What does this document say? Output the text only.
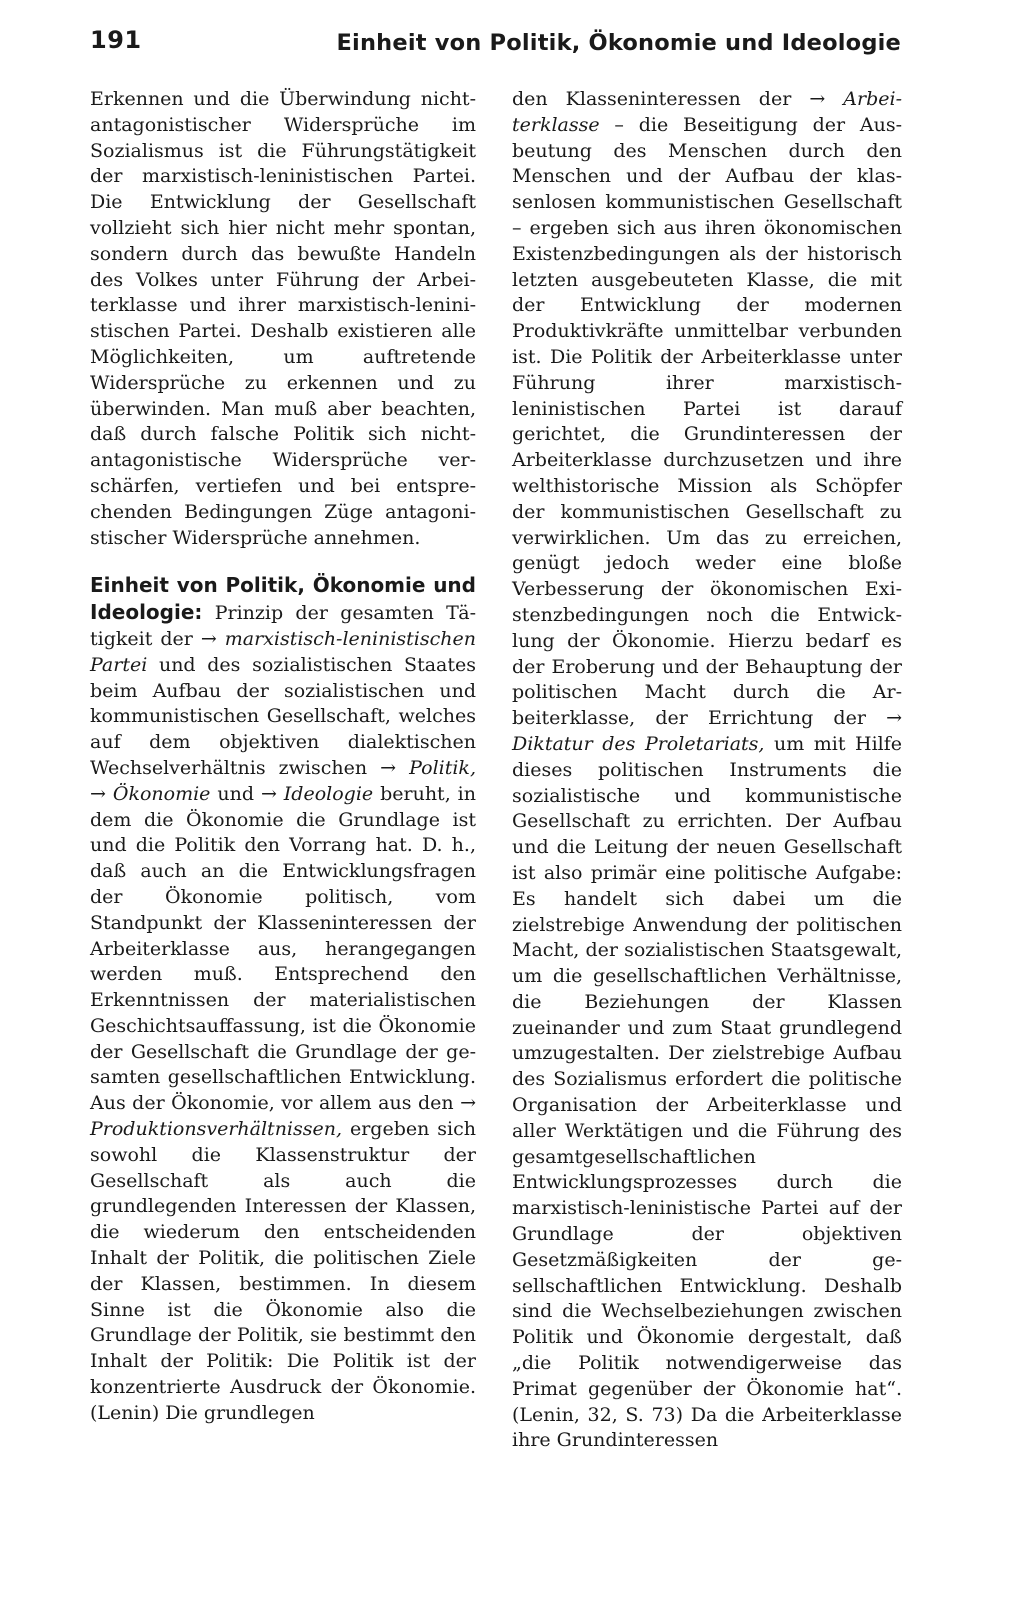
191	Einheit von Politik, Ökonomie und Ideologie

Erkennen und die Überwindung nichtantagonistischer Widersprüche im Sozialismus ist die Führungstätigkeit der marxistisch-leninistischen Partei. Die Entwicklung der Gesellschaft vollzieht sich hier nicht mehr spontan, sondern durch das bewußte Handeln des Volkes unter Führung der Arbeiterklasse und ihrer marxistisch-leninistischen Partei. Deshalb existieren alle Möglichkeiten, um auftretende Widersprüche zu erkennen und zu überwinden. Man muß aber beachten, daß durch falsche Politik sich nichtantagonistische Widersprüche verschärfen, vertiefen und bei entsprechenden Bedingungen Züge antagonistischer Widersprüche annehmen.

Einheit von Politik, Ökonomie und Ideologie: Prinzip der gesamten Tätigkeit der → marxistisch-leninistischen Partei und des sozialistischen Staates beim Aufbau der sozialistischen und kommunistischen Gesellschaft, welches auf dem objektiven dialektischen Wechselverhältnis zwischen → Politik, → Ökonomie und → Ideologie beruht, in dem die Ökonomie die Grundlage ist und die Politik den Vorrang hat. D. h., daß auch an die Entwicklungsfragen der Ökonomie politisch, vom Standpunkt der Klasseninteressen der Arbeiterklasse aus, herangegangen werden muß. Entsprechend den Erkenntnissen der materialistischen Geschichtsauffassung, ist die Ökonomie der Gesellschaft die Grundlage der gesamten gesellschaftlichen Entwicklung. Aus der Ökonomie, vor allem aus den → Produktionsverhältnissen, ergeben sich sowohl die Klassenstruktur der Gesellschaft als auch die grundlegenden Interessen der Klassen, die wiederum den entscheidenden Inhalt der Politik, die politischen Ziele der Klassen, bestimmen. In diesem Sinne ist die Ökonomie also die Grundlage der Politik, sie bestimmt den Inhalt der Politik: Die Politik ist der konzentrierte Ausdruck der Ökonomie. (Lenin) Die grundlegen

den Klasseninteressen der → Arbeiterklasse – die Beseitigung der Ausbeutung des Menschen durch den Menschen und der Aufbau der klassenlosen kommunistischen Gesellschaft – ergeben sich aus ihren ökonomischen Existenzbedingungen als der historisch letzten ausgebeuteten Klasse, die mit der Entwicklung der modernen Produktivkräfte unmittelbar verbunden ist. Die Politik der Arbeiterklasse unter Führung ihrer marxistisch-leninistischen Partei ist darauf gerichtet, die Grundinteressen der Arbeiterklasse durchzusetzen und ihre welthistorische Mission als Schöpfer der kommunistischen Gesellschaft zu verwirklichen. Um das zu erreichen, genügt jedoch weder eine bloße Verbesserung der ökonomischen Existenzbedingungen noch die Entwicklung der Ökonomie. Hierzu bedarf es der Eroberung und der Behauptung der politischen Macht durch die Arbeiterklasse, der Errichtung der → Diktatur des Proletariats, um mit Hilfe dieses politischen Instruments die sozialistische und kommunistische Gesellschaft zu errichten. Der Aufbau und die Leitung der neuen Gesellschaft ist also primär eine politische Aufgabe: Es handelt sich dabei um die zielstrebige Anwendung der politischen Macht, der sozialistischen Staatsgewalt, um die gesellschaftlichen Verhältnisse, die Beziehungen der Klassen zueinander und zum Staat grundlegend umzugestalten. Der zielstrebige Aufbau des Sozialismus erfordert die politische Organisation der Arbeiterklasse und aller Werktätigen und die Führung des gesamtgesellschaftlichen Entwicklungsprozesses durch die marxistisch-leninistische Partei auf der Grundlage der objektiven Gesetzmäßigkeiten der gesellschaftlichen Entwicklung. Deshalb sind die Wechselbeziehungen zwischen Politik und Ökonomie dergestalt, daß „die Politik notwendigerweise das Primat gegenüber der Ökonomie hat“. (Lenin, 32, S. 73) Da die Arbeiterklasse ihre Grundinteressen
